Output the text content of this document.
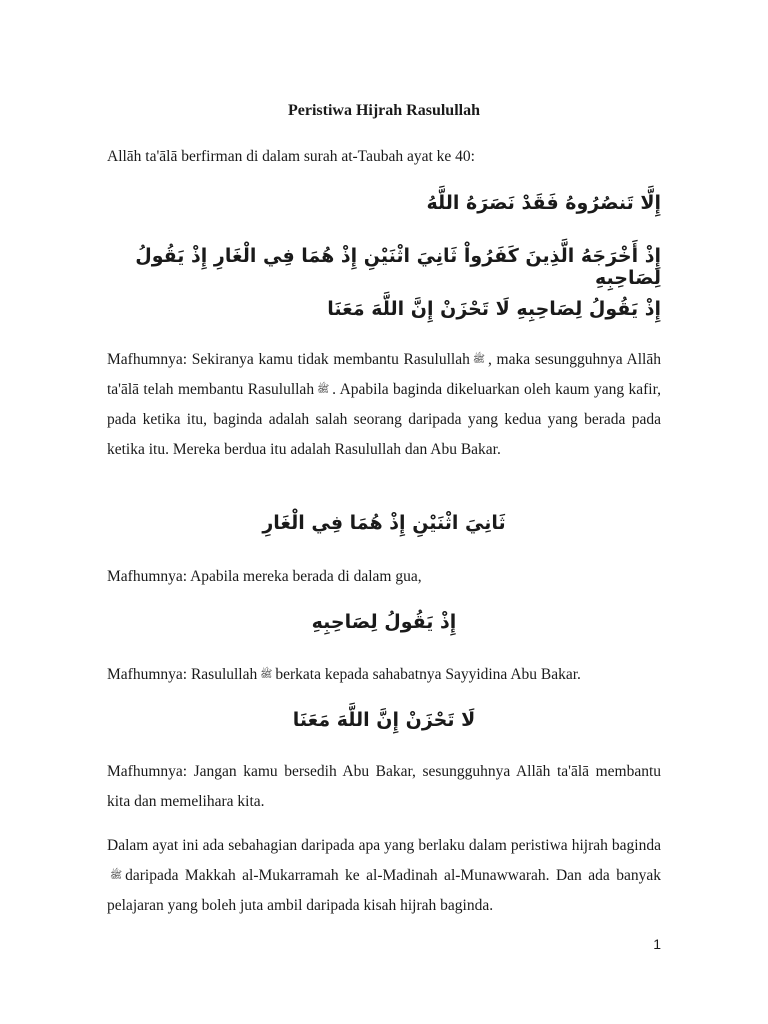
Peristiwa Hijrah Rasulullah
Allāh ta'ālā berfirman di dalam surah at-Taubah ayat ke 40:
إِلَّا تَنصُرُوهُ فَقَدْ نَصَرَهُ اللَّهُ
إِذْ أَخْرَجَهُ الَّذِينَ كَفَرُواْ ثَانِيَ اثْنَيْنِ إِذْ هُمَا فِي الْغَارِ إِذْ يَقُولُ لِصَاحِبِهِ
إِذْ يَقُولُ لِصَاحِبِهِ لَا تَحْزَنْ إِنَّ اللَّهَ مَعَنَا
Mafhumnya: Sekiranya kamu tidak membantu Rasulullah ﷺ , maka sesungguhnya Allāh ta'ālā telah membantu Rasulullah ﷺ . Apabila baginda dikeluarkan oleh kaum yang kafir, pada ketika itu, baginda adalah salah seorang daripada yang kedua yang berada pada ketika itu. Mereka berdua itu adalah Rasulullah dan Abu Bakar.
ثَانِيَ اثْنَيْنِ إِذْ هُمَا فِي الْغَارِ
Mafhumnya: Apabila mereka berada di dalam gua,
إِذْ يَقُولُ لِصَاحِبِهِ
Mafhumnya: Rasulullah ﷺ berkata kepada sahabatnya Sayyidina Abu Bakar.
لَا تَحْزَنْ إِنَّ اللَّهَ مَعَنَا
Mafhumnya: Jangan kamu bersedih Abu Bakar, sesungguhnya Allāh ta'ālā membantu kita dan memelihara kita.
Dalam ayat ini ada sebahagian daripada apa yang berlaku dalam peristiwa hijrah bagindaﷺ daripada Makkah al-Mukarramah ke al-Madinah al-Munawwarah. Dan ada banyak pelajaran yang boleh juta ambil daripada kisah hijrah baginda.
1
